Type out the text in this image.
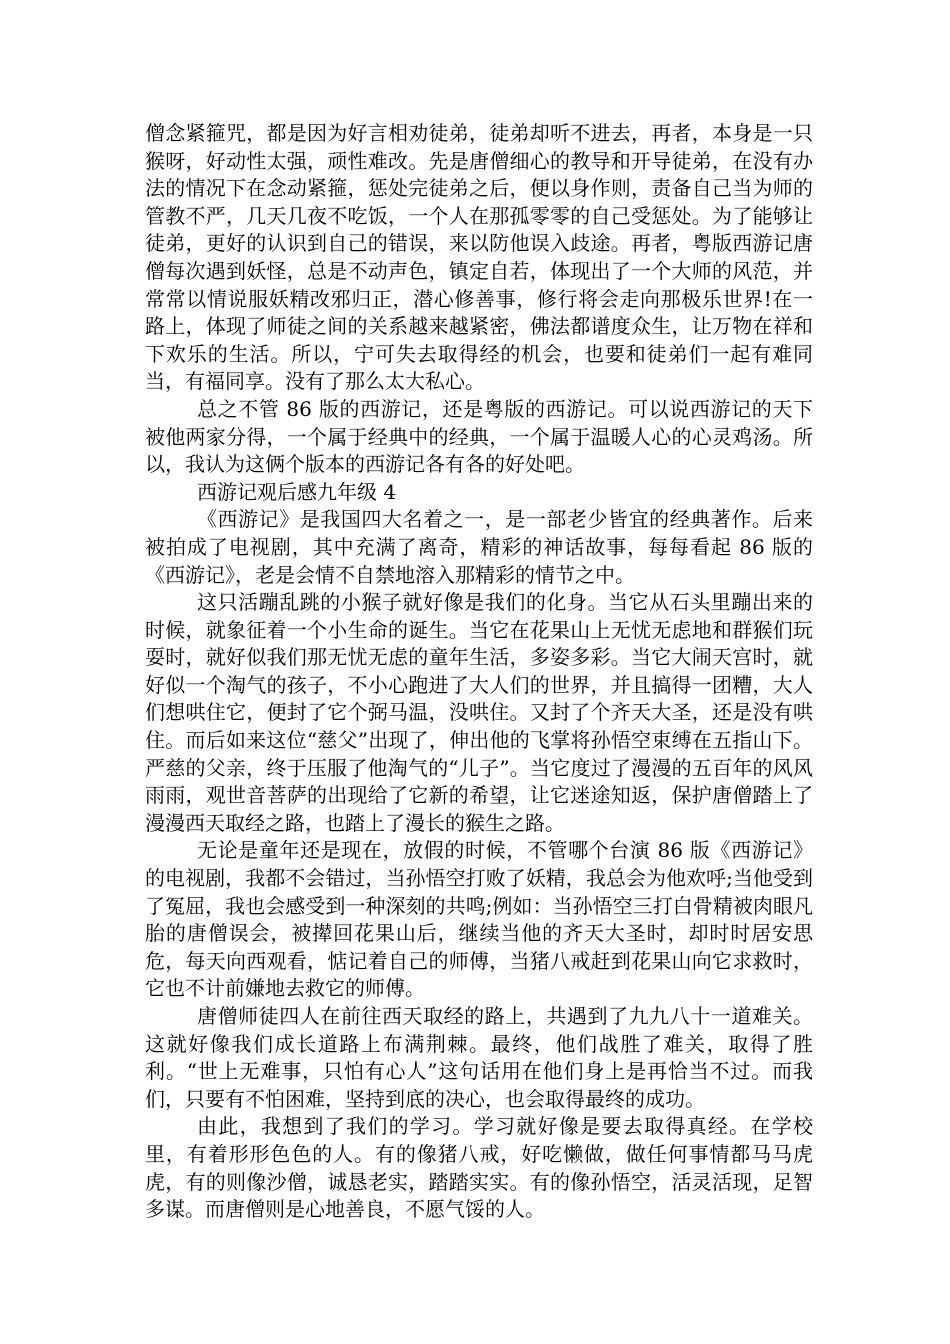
僧念紧箍咒，都是因为好言相劝徒弟，徒弟却听不进去，再者，本身是一只猴呀，好动性太强，顽性难改。先是唐僧细心的教导和开导徒弟，在没有办法的情况下在念动紧箍，惩处完徒弟之后，便以身作则，责备自己当为师的管教不严，几天几夜不吃饭，一个人在那孤零零的自己受惩处。为了能够让徒弟，更好的认识到自己的错误，来以防他误入歧途。再者，粤版西游记唐僧每次遇到妖怪，总是不动声色，镇定自若，体现出了一个大师的风范，并常常以情说服妖精改邪归正，潜心修善事，修行将会走向那极乐世界!在一路上，体现了师徒之间的关系越来越紧密，佛法都谱度众生，让万物在祥和下欢乐的生活。所以，宁可失去取得经的机会，也要和徒弟们一起有难同当，有福同享。没有了那么太大私心。

总之不管 86 版的西游记，还是粤版的西游记。可以说西游记的天下被他两家分得，一个属于经典中的经典，一个属于温暖人心的心灵鸡汤。所以，我认为这俩个版本的西游记各有各的好处吧。

西游记观后感九年级 4

《西游记》是我国四大名着之一，是一部老少皆宜的经典著作。后来被拍成了电视剧，其中充满了离奇，精彩的神话故事，每每看起 86 版的《西游记》，老是会情不自禁地溶入那精彩的情节之中。

这只活蹦乱跳的小猴子就好像是我们的化身。当它从石头里蹦出来的时候，就象征着一个小生命的诞生。当它在花果山上无忧无虑地和群猴们玩耍时，就好似我们那无忧无虑的童年生活，多姿多彩。当它大闹天宫时，就好似一个淘气的孩子，不小心跑进了大人们的世界，并且搞得一团糟，大人们想哄住它，便封了它个弼马温，没哄住。又封了个齐天大圣，还是没有哄住。而后如来这位“慈父”出现了，伸出他的飞掌将孙悟空束缚在五指山下。严慈的父亲，终于压服了他淘气的“儿子”。当它度过了漫漫的五百年的风风雨雨，观世音菩萨的出现给了它新的希望，让它迷途知返，保护唐僧踏上了漫漫西天取经之路，也踏上了漫长的猴生之路。

无论是童年还是现在，放假的时候，不管哪个台演 86 版《西游记》的电视剧，我都不会错过，当孙悟空打败了妖精，我总会为他欢呼;当他受到了冤屈，我也会感受到一种深刻的共鸣;例如：当孙悟空三打白骨精被肉眼凡胎的唐僧误会，被撵回花果山后，继续当他的齐天大圣时，却时时居安思危，每天向西观看，惦记着自己的师傅，当猪八戒赶到花果山向它求救时，它也不计前嫌地去救它的师傅。

唐僧师徒四人在前往西天取经的路上，共遇到了九九八十一道难关。这就好像我们成长道路上布满荆棘。最终，他们战胜了难关，取得了胜利。“世上无难事，只怕有心人”这句话用在他们身上是再恰当不过。而我们，只要有不怕困难，坚持到底的决心，也会取得最终的成功。

由此，我想到了我们的学习。学习就好像是要去取得真经。在学校里，有着形形色色的人。有的像猪八戒，好吃懒做，做任何事情都马马虎虎，有的则像沙僧，诚恳老实，踏踏实实。有的像孙悟空，活灵活现，足智多谋。而唐僧则是心地善良，不愿气馁的人。
